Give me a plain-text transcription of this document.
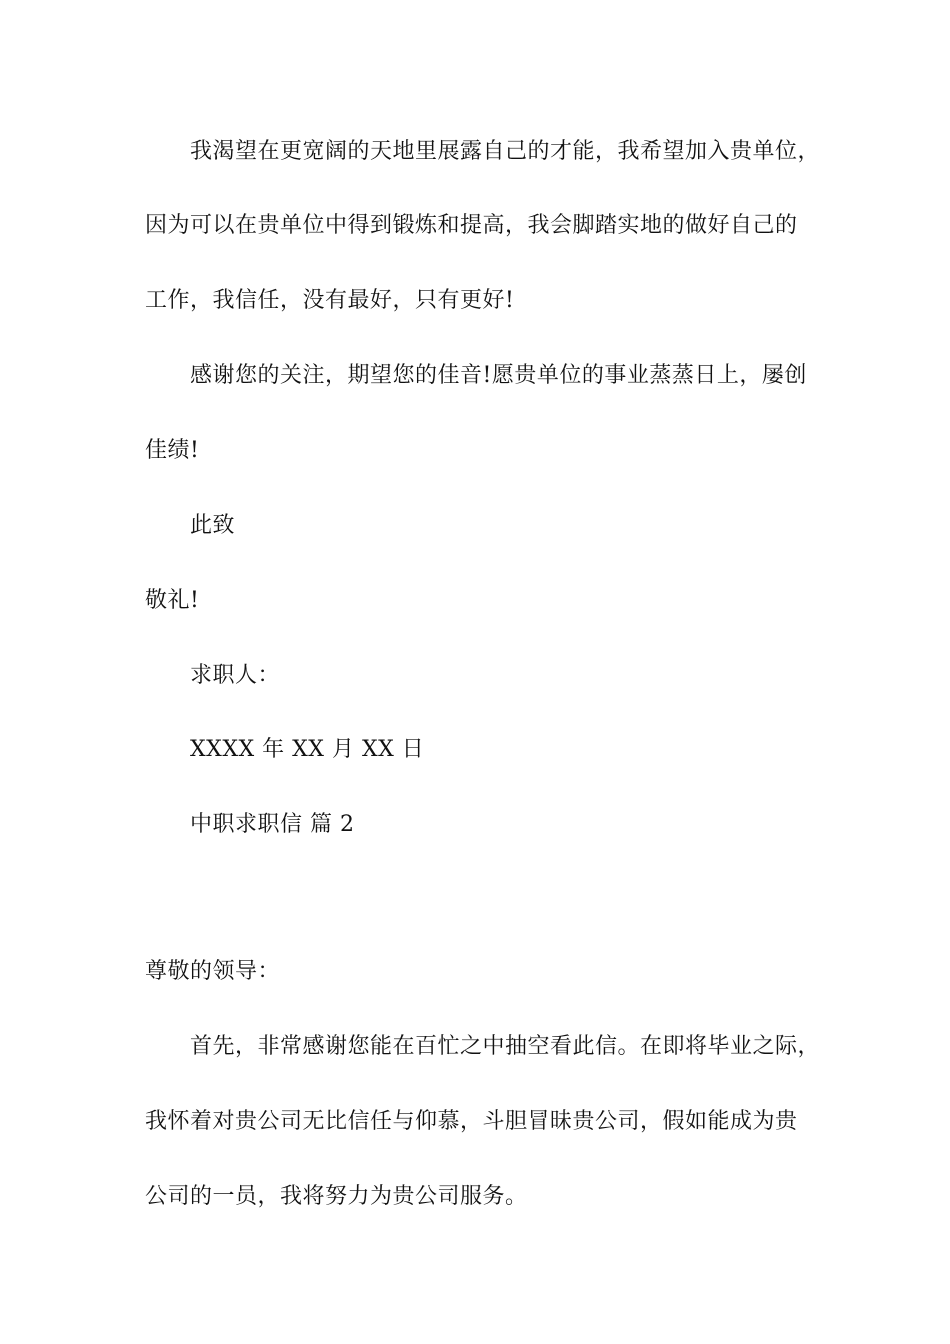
我渴望在更宽阔的天地里展露自己的才能，我希望加入贵单位，
因为可以在贵单位中得到锻炼和提高，我会脚踏实地的做好自己的
工作，我信任，没有最好，只有更好!
感谢您的关注，期望您的佳音!愿贵单位的事业蒸蒸日上，屡创
佳绩!
此致
敬礼!
求职人：
XXXX 年 XX 月 XX 日
中职求职信 篇 2
尊敬的领导：
首先，非常感谢您能在百忙之中抽空看此信。在即将毕业之际，
我怀着对贵公司无比信任与仰慕，斗胆冒昧贵公司，假如能成为贵
公司的一员，我将努力为贵公司服务。
